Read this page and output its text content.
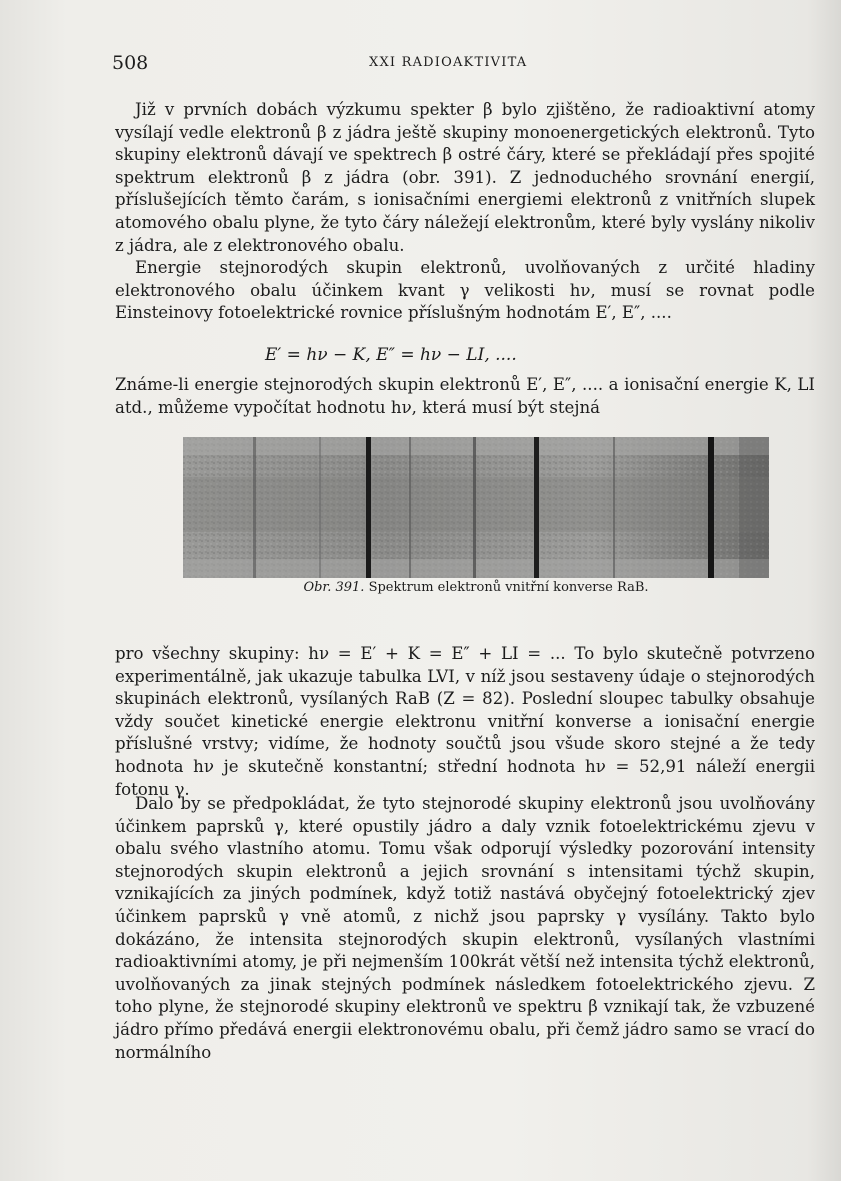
508	XXI RADIOAKTIVITA

Již v prvních dobách výzkumu spekter β bylo zjištěno, že radioaktivní atomy vysílají vedle elektronů β z jádra ještě skupiny monoenergetických elektronů. Tyto skupiny elektronů dávají ve spektrech β ostré čáry, které se překládají přes spojité spektrum elektronů β z jádra (obr. 391). Z jednoduchého srovnání energií, příslušejících těmto čarám, s ionisačními energiemi elektronů z vnitřních slupek atomového obalu plyne, že tyto čáry náležejí elektronům, které byly vyslány nikoliv z jádra, ale z elektronového obalu.

Energie stejnorodých skupin elektronů, uvolňovaných z určité hladiny elektronového obalu účinkem kvant γ velikosti hν, musí se rovnat podle Einsteinovy fotoelektrické rovnice příslušným hodnotám E′, E″, ....

E′ = hν − K, E″ = hν − LI, ....

Známe-li energie stejnorodých skupin elektronů E′, E″, .... a ionisační energie K, LI atd., můžeme vypočítat hodnotu hν, která musí být stejná

Obr. 391. Spektrum elektronů vnitřní konverse RaB.

pro všechny skupiny: hν = E′ + K = E″ + LI = ... To bylo skutečně potvrzeno experimentálně, jak ukazuje tabulka LVI, v níž jsou sestaveny údaje o stejnorodých skupinách elektronů, vysílaných RaB (Z = 82). Poslední sloupec tabulky obsahuje vždy součet kinetické energie elektronu vnitřní konverse a ionisační energie příslušné vrstvy; vidíme, že hodnoty součtů jsou všude skoro stejné a že tedy hodnota hν je skutečně konstantní; střední hodnota hν = 52,91 náleží energii fotonu γ.

Dalo by se předpokládat, že tyto stejnorodé skupiny elektronů jsou uvolňovány účinkem paprsků γ, které opustily jádro a daly vznik fotoelektrickému zjevu v obalu svého vlastního atomu. Tomu však odporují výsledky pozorování intensity stejnorodých skupin elektronů a jejich srovnání s intensitami týchž skupin, vznikajících za jiných podmínek, když totiž nastává obyčejný fotoelektrický zjev účinkem paprsků γ vně atomů, z nichž jsou paprsky γ vysílány. Takto bylo dokázáno, že intensita stejnorodých skupin elektronů, vysílaných vlastními radioaktivními atomy, je při nejmenším 100krát větší než intensita týchž elektronů, uvolňovaných za jinak stejných podmínek následkem fotoelektrického zjevu. Z toho plyne, že stejnorodé skupiny elektronů ve spektru β vznikají tak, že vzbuzené jádro přímo předává energii elektronovému obalu, při čemž jádro samo se vrací do normálního
